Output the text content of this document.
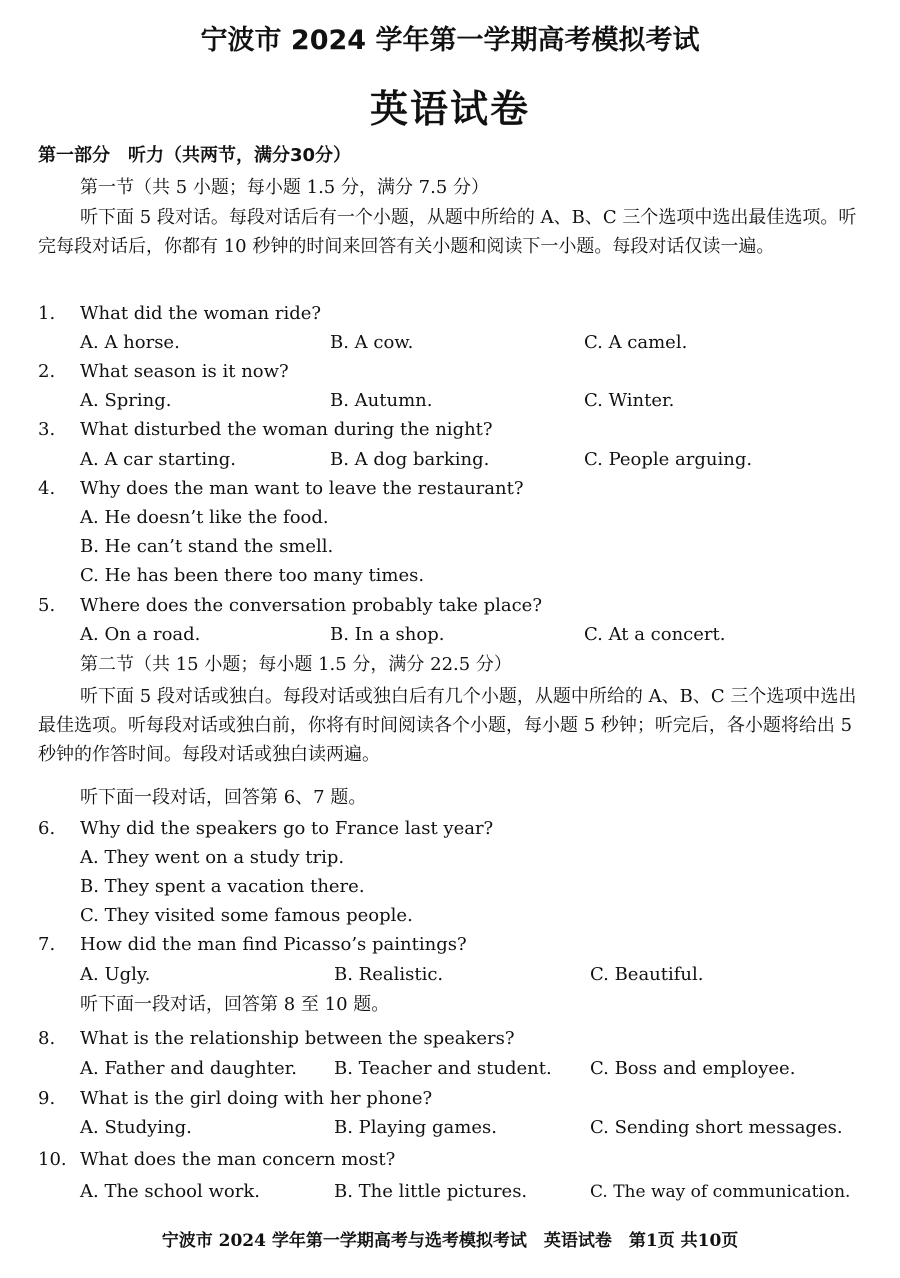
宁波市 2024 学年第一学期高考模拟考试
英语试卷
第一部分　听力（共两节，满分30分）
第一节（共 5 小题；每小题 1.5 分，满分 7.5 分）
听下面 5 段对话。每段对话后有一个小题，从题中所给的 A、B、C 三个选项中选出最佳选项。听完每段对话后，你都有 10 秒钟的时间来回答有关小题和阅读下一小题。每段对话仅读一遍。
1. What did the woman ride?
A. A horse.	B. A cow.	C. A camel.
2. What season is it now?
A. Spring.	B. Autumn.	C. Winter.
3. What disturbed the woman during the night?
A. A car starting.	B. A dog barking.	C. People arguing.
4. Why does the man want to leave the restaurant?
A. He doesn’t like the food.
B. He can’t stand the smell.
C. He has been there too many times.
5. Where does the conversation probably take place?
A. On a road.	B. In a shop.	C. At a concert.
第二节（共 15 小题；每小题 1.5 分，满分 22.5 分）
听下面 5 段对话或独白。每段对话或独白后有几个小题，从题中所给的 A、B、C 三个选项中选出最佳选项。听每段对话或独白前，你将有时间阅读各个小题，每小题 5 秒钟；听完后，各小题将给出 5 秒钟的作答时间。每段对话或独白读两遍。
听下面一段对话，回答第 6、7 题。
6. Why did the speakers go to France last year?
A. They went on a study trip.
B. They spent a vacation there.
C. They visited some famous people.
7. How did the man find Picasso’s paintings?
A. Ugly.	B. Realistic.	C. Beautiful.
听下面一段对话，回答第 8 至 10 题。
8. What is the relationship between the speakers?
A. Father and daughter. B. Teacher and student. C. Boss and employee.
9. What is the girl doing with her phone?
A. Studying.	B. Playing games.	C. Sending short messages.
10. What does the man concern most?
A. The school work.	B. The little pictures.	C. The way of communication.
宁波市 2024 学年第一学期高考与选考模拟考试　英语试卷　第1页 共10页
